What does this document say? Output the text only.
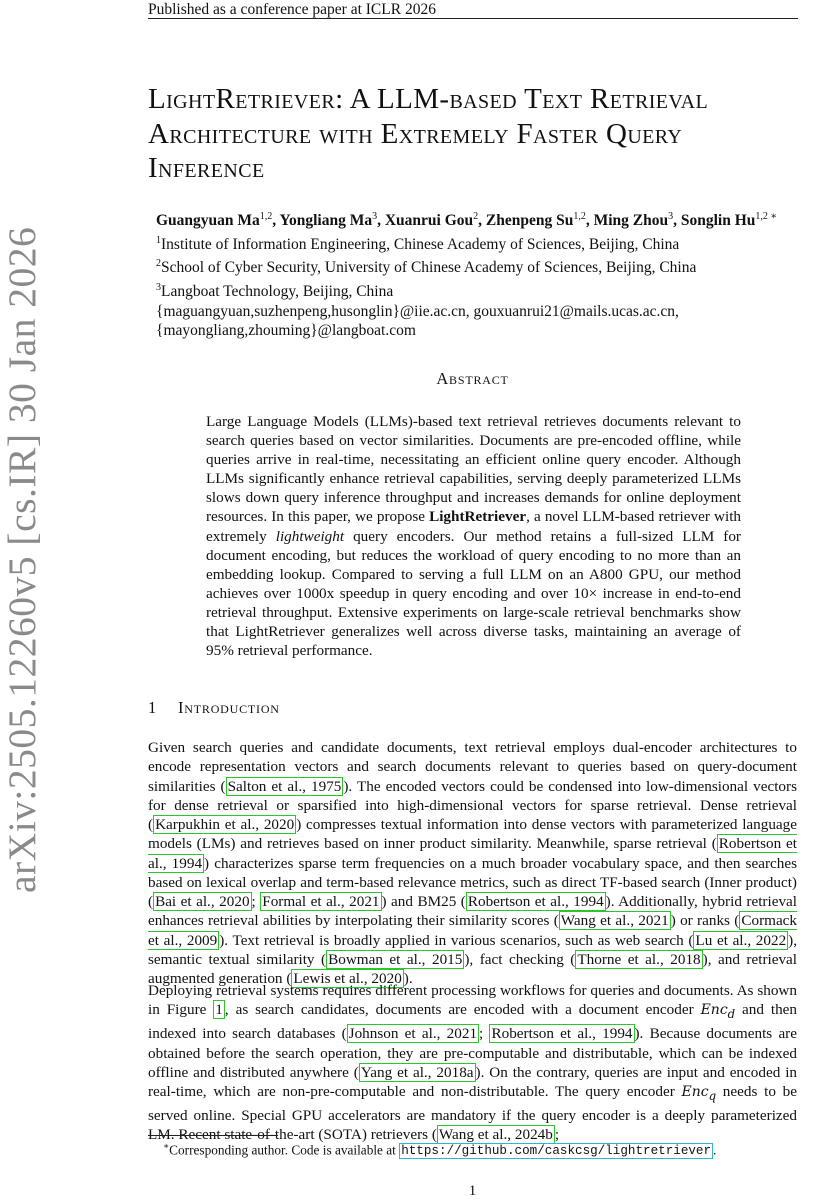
Published as a conference paper at ICLR 2026
arXiv:2505.12260v5 [cs.IR] 30 Jan 2026
LightRetriever: A LLM-based Text Retrieval
Architecture with Extremely Faster Query
Inference
Guangyuan Ma$^{1,2}$, Yongliang Ma$^3$, Xuanrui Gou$^2$, Zhenpeng Su$^{1,2}$, Ming Zhou$^3$, Songlin $Hu^{1,2 ∗}$
$^1$Institute of Information Engineering, Chinese Academy of Sciences, Beijing, China
$^2$School of Cyber Security, University of Chinese Academy of Sciences, Beijing, China
$^3$Langboat Technology, Beijing, China
{maguangyuan,suzhenpeng,husonglin}@iie.ac.cn, gouxuanrui21@mails.ucas.ac.cn,
{mayongliang,zhouming}@langboat.com
Abstract
Large Language Models (LLMs)-based text retrieval retrieves documents relevant to search queries based on vector similarities. Documents are pre-encoded offline, while queries arrive in real-time, necessitating an efficient online query encoder. Although LLMs significantly enhance retrieval capabilities, serving deeply parameterized LLMs slows down query inference throughput and increases demands for online deployment resources. In this paper, we propose LightRetriever, a novel LLM-based retriever with extremely lightweight query encoders. Our method retains a full-sized LLM for document encoding, but reduces the workload of query encoding to no more than an embedding lookup. Compared to serving a full LLM on an A800 GPU, our method achieves over 1000x speedup in query encoding and over 10× increase in end-to-end retrieval throughput. Extensive experiments on large-scale retrieval benchmarks show that LightRetriever generalizes well across diverse tasks, maintaining an average of 95% retrieval performance.
1 Introduction
Given search queries and candidate documents, text retrieval employs dual-encoder architectures to encode representation vectors and search documents relevant to queries based on query-document similarities ( Salton et al., 1975 ). The encoded vectors could be condensed into low-dimensional vectors for dense retrieval or sparsified into high-dimensional vectors for sparse retrieval. Dense retrieval ( Karpukhin et al., 2020 ) compresses textual information into dense vectors with parameterized language models (LMs) and retrieves based on inner product similarity. Meanwhile, sparse retrieval ( Robertson et al., 1994 ) characterizes sparse term frequencies on a much broader vocabulary space, and then searches based on lexical overlap and term-based relevance metrics, such as direct TF-based search (Inner product) ( Bai et al., 2020 ; Formal et al., 2021 ) and BM25 ( Robertson et al., 1994 ). Additionally, hybrid retrieval enhances retrieval abilities by interpolating their similarity scores ( Wang et al., 2021 ) or ranks ( Cormack et al., 2009 ). Text retrieval is broadly applied in various scenarios, such as web search ( Lu et al., 2022 ), semantic textual similarity ( Bowman et al., 2015 ), fact checking ( Thorne et al., 2018 ), and retrieval augmented generation ( Lewis et al., 2020 ).
Deploying retrieval systems requires different processing workflows for queries and documents. As shown in Figure 1 , as search candidates, documents are encoded with a document encoder Enc$_d$ and then indexed into search databases ( Johnson et al., 2021 ; Robertson et al., 1994 ). Because documents are obtained before the search operation, they are pre-computable and distributable, which can be indexed offline and distributed anywhere ( Yang et al., 2018a ). On the contrary, queries are input and encoded in real-time, which are non-pre-computable and non-distributable. The query encoder Enc$_q$ needs to be served online. Special GPU accelerators are mandatory if the query encoder is a deeply parameterized LM. Recent state-of-the-art (SOTA) retrievers ( Wang et al., 2024b ;
∗Corresponding author. Code is available at https://github.com/caskcsg/lightretriever .
1
